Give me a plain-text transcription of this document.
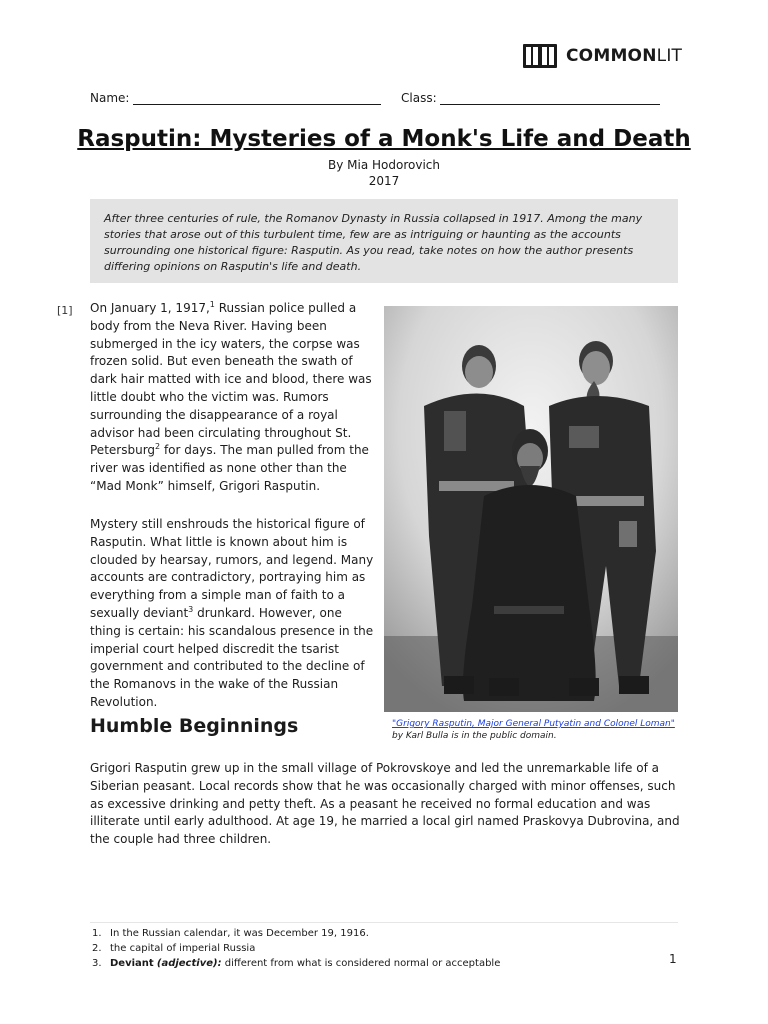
COMMONLIT
Name:	Class:
Rasputin: Mysteries of a Monk's Life and Death
By Mia Hodorovich
2017
After three centuries of rule, the Romanov Dynasty in Russia collapsed in 1917. Among the many stories that arose out of this turbulent time, few are as intriguing or haunting as the accounts surrounding one historical figure: Rasputin. As you read, take notes on how the author presents differing opinions on Rasputin's life and death.
[1] On January 1, 1917,$^1$ Russian police pulled a body from the Neva River. Having been submerged in the icy waters, the corpse was frozen solid. But even beneath the swath of dark hair matted with ice and blood, there was little doubt who the victim was. Rumors surrounding the disappearance of a royal advisor had been circulating throughout St. Petersburg$^2$ for days. The man pulled from the river was identified as none other than the “Mad Monk” himself, Grigori Rasputin.
Mystery still enshrouds the historical figure of Rasputin. What little is known about him is clouded by hearsay, rumors, and legend. Many accounts are contradictory, portraying him as everything from a simple man of faith to a sexually deviant$^3$ drunkard. However, one thing is certain: his scandalous presence in the imperial court helped discredit the tsarist government and contributed to the decline of the Romanovs in the wake of the Russian Revolution.
"Grigory Rasputin, Major General Putyatin and Colonel Loman" by Karl Bulla is in the public domain.
Humble Beginnings
Grigori Rasputin grew up in the small village of Pokrovskoye and led the unremarkable life of a Siberian peasant. Local records show that he was occasionally charged with minor offenses, such as excessive drinking and petty theft. As a peasant he received no formal education and was illiterate until early adulthood. At age 19, he married a local girl named Praskovya Dubrovina, and the couple had three children.
1. In the Russian calendar, it was December 19, 1916.
2. the capital of imperial Russia
3. Deviant (adjective): different from what is considered normal or acceptable	1
